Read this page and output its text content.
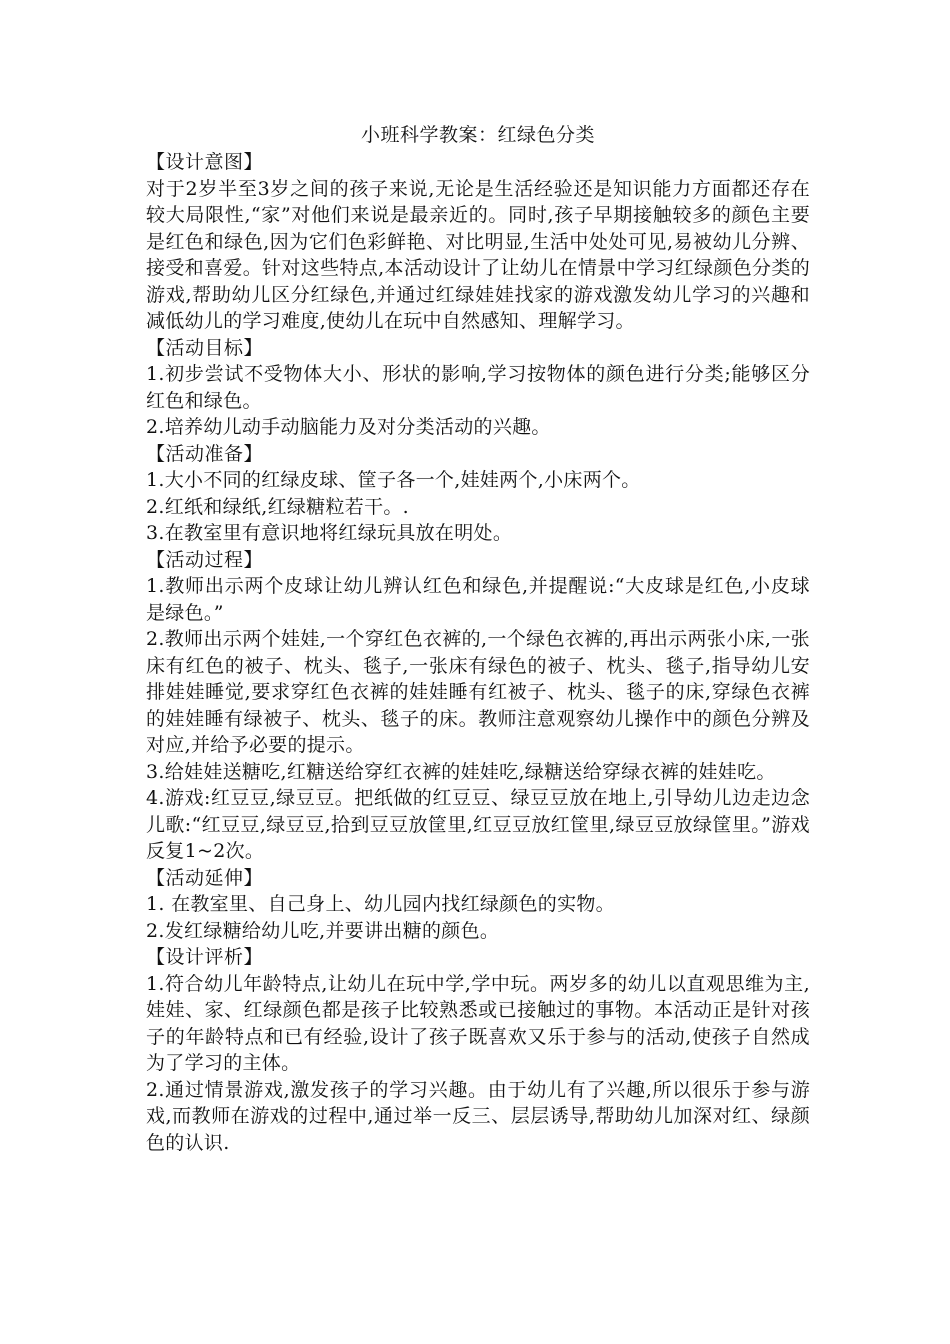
小班科学教案：红绿色分类
【设计意图】
对于2岁半至3岁之间的孩子来说,无论是生活经验还是知识能力方面都还存在较大局限性,“家”对他们来说是最亲近的。同时,孩子早期接触较多的颜色主要是红色和绿色,因为它们色彩鲜艳、对比明显,生活中处处可见,易被幼儿分辨、接受和喜爱。针对这些特点,本活动设计了让幼儿在情景中学习红绿颜色分类的游戏,帮助幼儿区分红绿色,并通过红绿娃娃找家的游戏激发幼儿学习的兴趣和减低幼儿的学习难度,使幼儿在玩中自然感知、理解学习。
【活动目标】
1.初步尝试不受物体大小、形状的影响,学习按物体的颜色进行分类;能够区分红色和绿色。
2.培养幼儿动手动脑能力及对分类活动的兴趣。
【活动准备】
1.大小不同的红绿皮球、筐子各一个,娃娃两个,小床两个。
2.红纸和绿纸,红绿糖粒若干。.
3.在教室里有意识地将红绿玩具放在明处。
【活动过程】
1.教师出示两个皮球让幼儿辨认红色和绿色,并提醒说:“大皮球是红色,小皮球是绿色。”
2.教师出示两个娃娃,一个穿红色衣裤的,一个绿色衣裤的,再出示两张小床,一张床有红色的被子、枕头、毯子,一张床有绿色的被子、枕头、毯子,指导幼儿安排娃娃睡觉,要求穿红色衣裤的娃娃睡有红被子、枕头、毯子的床,穿绿色衣裤的娃娃睡有绿被子、枕头、毯子的床。教师注意观察幼儿操作中的颜色分辨及对应,并给予必要的提示。
3.给娃娃送糖吃,红糖送给穿红衣裤的娃娃吃,绿糖送给穿绿衣裤的娃娃吃。
4.游戏:红豆豆,绿豆豆。把纸做的红豆豆、绿豆豆放在地上,引导幼儿边走边念儿歌:“红豆豆,绿豆豆,拾到豆豆放筐里,红豆豆放红筐里,绿豆豆放绿筐里。”游戏反复1~2次。
【活动延伸】
1. 在教室里、自己身上、幼儿园内找红绿颜色的实物。
2.发红绿糖给幼儿吃,并要讲出糖的颜色。
【设计评析】
1.符合幼儿年龄特点,让幼儿在玩中学,学中玩。两岁多的幼儿以直观思维为主,娃娃、家、红绿颜色都是孩子比较熟悉或已接触过的事物。本活动正是针对孩子的年龄特点和已有经验,设计了孩子既喜欢又乐于参与的活动,使孩子自然成为了学习的主体。
2.通过情景游戏,激发孩子的学习兴趣。由于幼儿有了兴趣,所以很乐于参与游戏,而教师在游戏的过程中,通过举一反三、层层诱导,帮助幼儿加深对红、绿颜色的认识.
